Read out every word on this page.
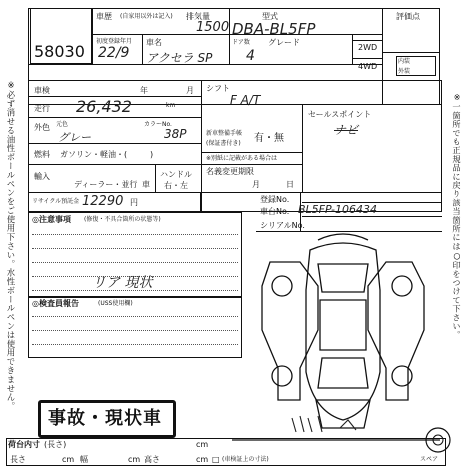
58030
車歴 (自家用以外は記入) 排気量
1500
型式
DBA-BL5FP
初度登録年月
22/9
車名
アクセラ SP
ドア数
4
グレード
2WD
4WD
評価点
内装
外装
※必ず消せる油性ボールペンをご使用下さい。水性ボールペンは使用できません。	※一箇所でも正規品に戻り該当箇所には○印をつけて下さい。
車検	年	月
走行 26,432	km
外色 元色
グレー
カラーNo.
38P
燃料 ガソリン・軽油・(	)
輸入
ディーラー・並行 車
ハンドル
右・左
シフト
F A/T
新車整備手帳
(保証書付き) 有・無
※別紙に記載がある場合は
名義変更期限
月	日
セールスポイント
ナビ
登録No.
車台No. BL5FP-106434
シリアルNo.
◎注意事項 (修復・不具合箇所の状態等)
リア 現状
◎検査員報告	(USS使用欄)
リサイクル預託金 12290 円
事故・現状車
荷台内寸 (長さ)	cm
長さ	cm 幅	cm 高さ	cm □ (車検証上の寸法)	スペア
